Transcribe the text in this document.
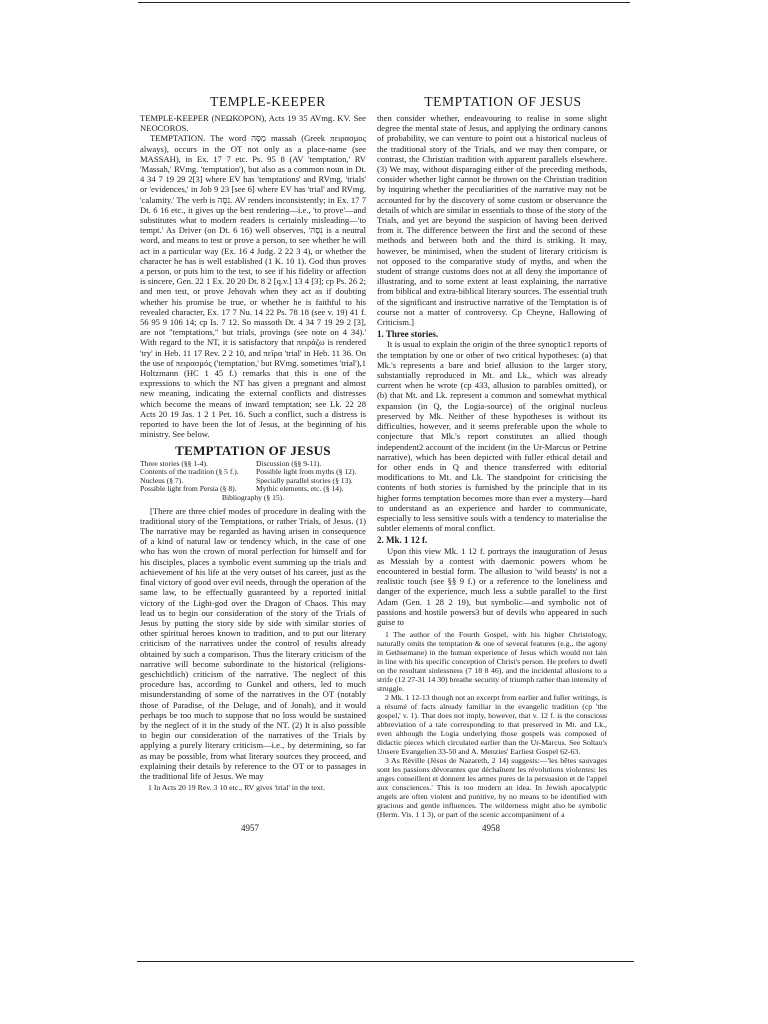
TEMPLE-KEEPER	TEMPTATION OF JESUS

TEMPLE-KEEPER (ΝΕΩΚΟΡΟΝ), Acts 19 35 AVmg. KV. See NEOCOROS.

TEMPTATION. The word מַסָּה massah (Greek πειρασμος always), occurs in the OT not only as a place-name (see MASSAH), in Ex. 17 7 etc. Ps. 95 8 (AV 'temptation,' RV 'Massah,' RVmg. 'temptation'), but also as a common noun in Dt. 4 34 7 19 29 2[3] where EV has 'temptations' and RVmg. 'trials' or 'evidences,' in Job 9 23 [see 6] where EV has 'trial' and RVmg. 'calamity.' The verb is נִסָּה. AV renders inconsistently; in Ex. 17 7 Dt. 6 16 etc., it gives up the best rendering—i.e., 'to prove'—and substitutes what to modern readers is certainly misleading—'to tempt.' As Driver (on Dt. 6 16) well observes, 'נִסָּה is a neutral word, and means to test or prove a person, to see whether he will act in a particular way (Ex. 16 4 Judg. 2 22 3 4), or whether the character he has is well established (1 K. 10 1). God thus proves a person, or puts him to the test, to see if his fidelity or affection is sincere, Gen. 22 1 Ex. 20 20 Dt. 8 2 [q.v.] 13 4 [3]; cp Ps. 26 2; and men test, or prove Jehovah when they act as if doubting whether his promise be true, or whether he is faithful to his revealed character, Ex. 17 7 Nu. 14 22 Ps. 78 18 (see v. 19) 41 f. 56 95 9 106 14; cp Is. 7 12. So massoth Dt. 4 34 7 19 29 2 [3], are not "temptations," but trials, provings (see note on 4 34).' With regard to the NT, it is satisfactory that πειράζω is rendered 'try' in Heb. 11 17 Rev. 2 2 10, and πεῖρα 'trial' in Heb. 11 36. On the use of πειρασμός ('temptation,' but RVmg. sometimes 'trial'),1 Holtzmann (HC 1 45 f.) remarks that this is one of the expressions to which the NT has given a pregnant and almost new meaning, indicating the external conflicts and distresses which become the means of inward temptation; see Lk. 22 28 Acts 20 19 Jas. 1 2 1 Pet. 16. Such a conflict, such a distress is reported to have been the lot of Jesus, at the beginning of his ministry. See below.

TEMPTATION OF JESUS
Three stories (§§ 1-4).	Discussion (§§ 9-11).
Contents of the tradition (§ 5 f.).	Possible light from myths (§ 12).
Nucleus (§ 7).	Specially parallel stories (§ 13).
Possible light from Persia (§ 8).	Mythic elements, etc. (§ 14).
Bibliography (§ 15).

[There are three chief modes of procedure in dealing with the traditional story of the Temptations, or rather Trials, of Jesus. (1) The narrative may be regarded as having arisen in consequence of a kind of natural law or tendency which, in the case of one who has won the crown of moral perfection for himself and for his disciples, places a symbolic event summing up the trials and achievement of his life at the very outset of his career, just as the final victory of good over evil needs, through the operation of the same law, to be effectually guaranteed by a reported initial victory of the Light-god over the Dragon of Chaos. This may lead us to begin our consideration of the story of the Trials of Jesus by putting the story side by side with similar stories of other spiritual heroes known to tradition, and to put our literary criticism of the narratives under the control of results already obtained by such a comparison. Thus the literary criticism of the narrative will become subordinate to the historical (religions-geschichtlich) criticism of the narrative. The neglect of this procedure has, according to Gunkel and others, led to much misunderstanding of some of the narratives in the OT (notably those of Paradise, of the Deluge, and of Jonah), and it would perhaps be too much to suppose that no loss would be sustained by the neglect of it in the study of the NT. (2) It is also possible to begin our consideration of the narratives of the Trials by applying a purely literary criticism—i.e., by determining, so far as may be possible, from what literary sources they proceed, and explaining their details by reference to the OT or to passages in the traditional life of Jesus. We may

1 In Acts 20 19 Rev. 3 10 etc., RV gives 'trial' in the text.

then consider whether, endeavouring to realise in some slight degree the mental state of Jesus, and applying the ordinary canons of probability, we can venture to point out a historical nucleus of the traditional story of the Trials, and we may then compare, or contrast, the Christian tradition with apparent parallels elsewhere. (3) We may, without disparaging either of the preceding methods, consider whether light cannot be thrown on the Christian tradition by inquiring whether the peculiarities of the narrative may not be accounted for by the discovery of some custom or observance the details of which are similar in essentials to those of the story of the Trials, and yet are beyond the suspicion of having been derived from it. The difference between the first and the second of these methods and between both and the third is striking. It may, however, be minimised, when the student of literary criticism is not opposed to the comparative study of myths, and when the student of strange customs does not at all deny the importance of illustrating, and to some extent at least explaining, the narrative from biblical and extra-biblical literary sources. The essential truth of the significant and instructive narrative of the Temptation is of course not a matter of controversy. Cp Cheyne, Hallowing of Criticism.]

1. Three stories.

It is usual to explain the origin of the three synoptic1 reports of the temptation by one or other of two critical hypotheses: (a) that Mk.'s represents a bare and brief allusion to the larger story, substantially reproduced in Mt. and Lk., which was already current when he wrote (cp 433, allusion to parables omitted), or (b) that Mt. and Lk. represent a common and somewhat mythical expansion (in Q, the Logia-source) of the original nucleus preserved by Mk. Neither of these hypotheses is without its difficulties, however, and it seems preferable upon the whole to conjecture that Mk.'s report constitutes an allied though independent2 account of the incident (in the Ur-Marcus or Petrine narrative), which has been depicted with fuller ethical detail and for other ends in Q and thence transferred with editorial modifications to Mt. and Lk. The standpoint for criticising the contents of both stories is furnished by the principle that in its higher forms temptation becomes more than ever a mystery—hard to understand as an experience and harder to communicate, especially to less sensitive souls with a tendency to materialise the subtler elements of moral conflict.

2. Mk. 1 12 f.

Upon this view Mk. 1 12 f. portrays the inauguration of Jesus as Messiah by a contest with daemonic powers whom he encountered in bestial form. The allusion to 'wild beasts' is not a realistic touch (see §§ 9 f.) or a reference to the loneliness and danger of the experience, much less a subtle parallel to the first Adam (Gen. 1 28 2 19), but symbolic—and symbolic not of passions and hostile powers3 but of devils who appeared in such guise to

1 The author of the Fourth Gospel, with his higher Christology, naturally omits the temptation & one of several features (e.g., the agony in Gethsemane) in the human experience of Jesus which would not lain in line with his specific conception of Christ's person. He prefers to dwell on the resultant sinlessness (7 18 8 46), and the incidental allusions to a strife (12 27-31 14 30) breathe security of triumph rather than intensity of struggle.

2 Mk. 1 12-13 though not an excerpt from earlier and fuller writings, is a résumé of facts already familiar in the evangelic tradition (cp 'the gospel,' v. 1). That does not imply, however, that v. 12 f. is the conscious abbreviation of a tale corresponding to that preserved in Mt. and Lk., even although the Logia underlying those gospels was composed of didactic pieces which circulated earlier than the Ur-Marcus. See Soltau's Unsere Evangelien 33-50 and A. Menzies' Earliest Gospel 62-63.

3 As Réville (Jésus de Nazareth, 2 14) suggests:—'les bêtes sauvages sont les passions dévorantes que déchaînent les révolutions violentes: les anges conseillent et donnent les armes pures de la persuasion et de l'appel aux consciences.' This is too modern an idea. In Jewish apocalyptic angels are often violent and punitive, by no means to be identified with gracious and gentle influences. The wilderness might also be symbolic (Herm. Vis. 1 1 3), or part of the scenic accompaniment of a

4957	4958
